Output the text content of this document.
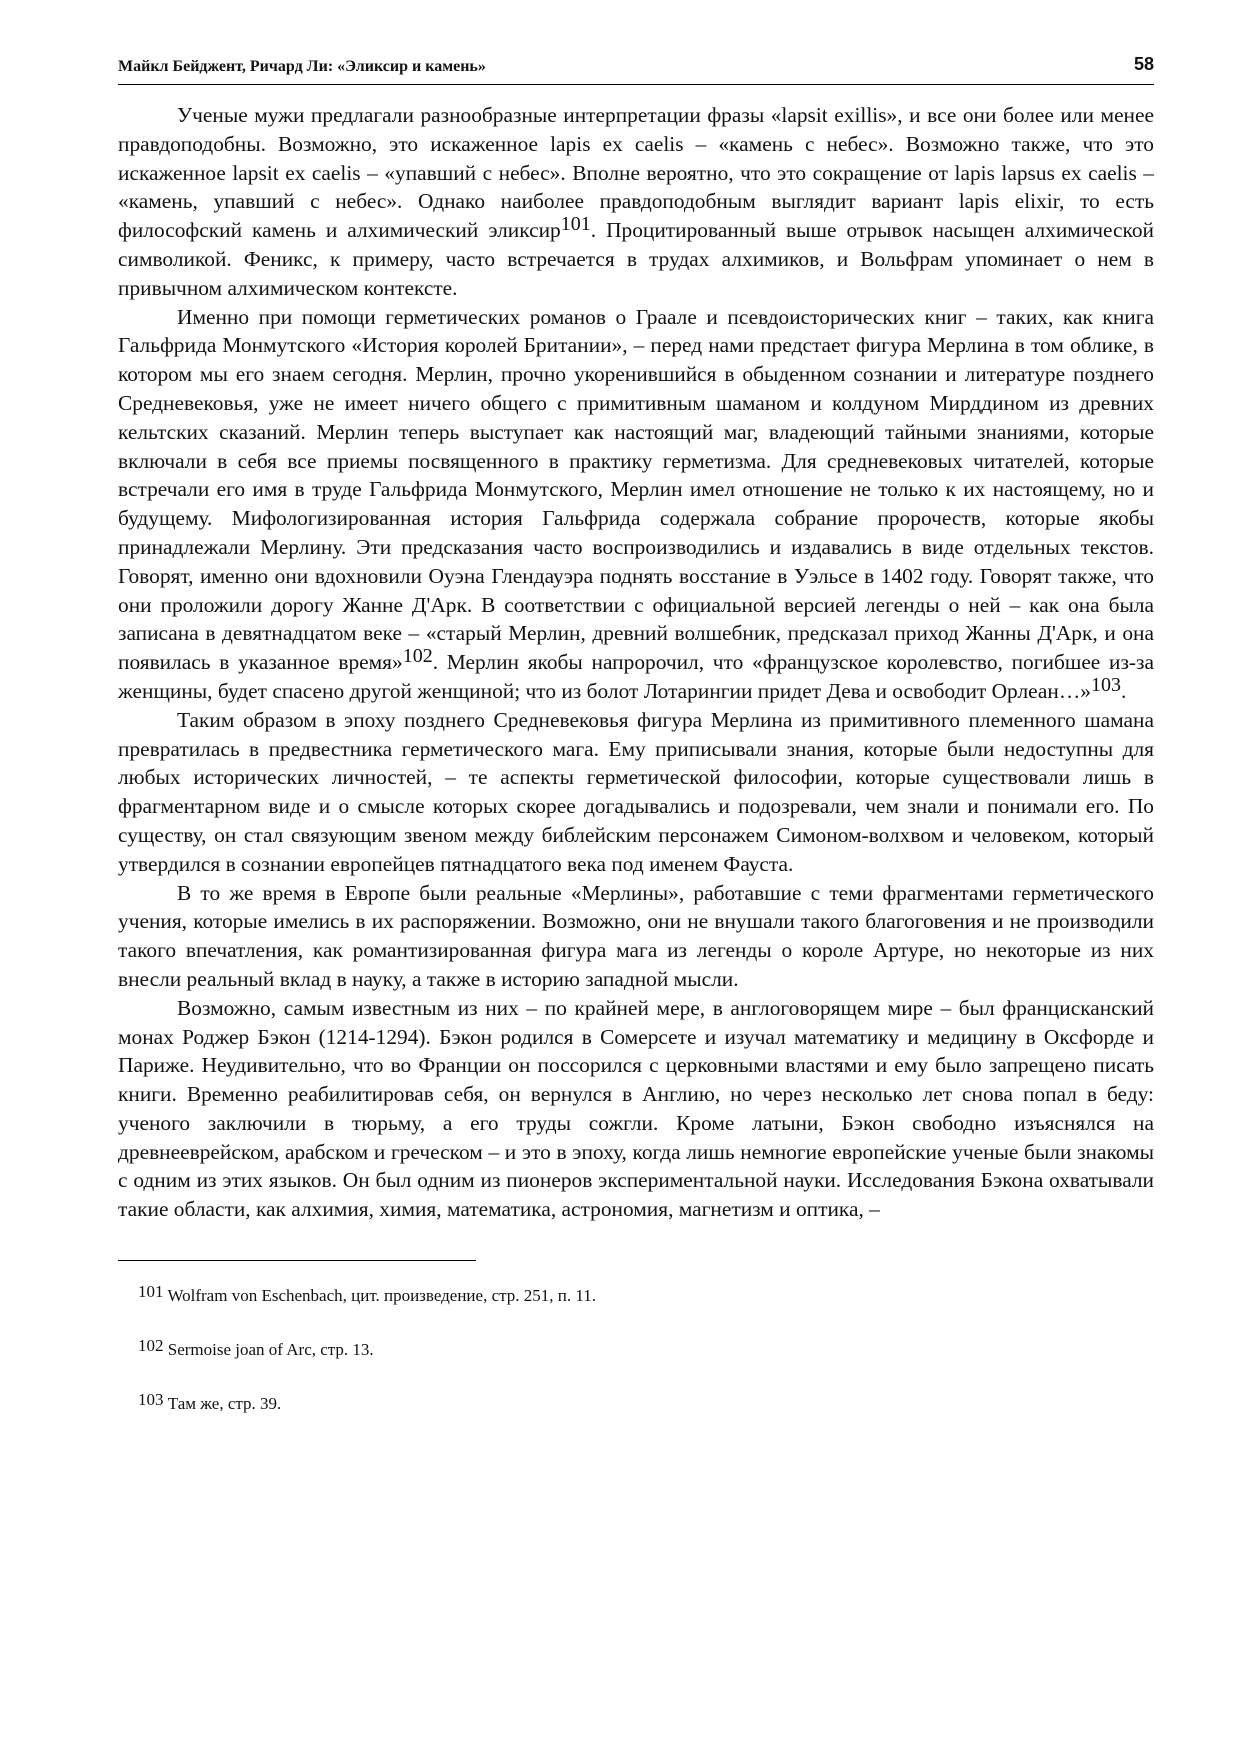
Майкл Бейджент, Ричард Ли: «Эликсир и камень»	58

Ученые мужи предлагали разнообразные интерпретации фразы «lapsit exillis», и все они более или менее правдоподобны. Возможно, это искаженное lapis ex caelis – «камень с небес». Возможно также, что это искаженное lapsit ex caelis – «упавший с небес». Вполне вероятно, что это сокращение от lapis lapsus ex caelis – «камень, упавший с небес». Однако наиболее правдоподобным выглядит вариант lapis elixir, то есть философский камень и алхимический эликсир$^{101}$. Процитированный выше отрывок насыщен алхимической символикой. Феникс, к примеру, часто встречается в трудах алхимиков, и Вольфрам упоминает о нем в привычном алхимическом контексте.

Именно при помощи герметических романов о Граале и псевдоисторических книг – таких, как книга Гальфрида Монмутского «История королей Британии», – перед нами предстает фигура Мерлина в том облике, в котором мы его знаем сегодня. Мерлин, прочно укоренившийся в обыденном сознании и литературе позднего Средневековья, уже не имеет ничего общего с примитивным шаманом и колдуном Мирддином из древних кельтских сказаний. Мерлин теперь выступает как настоящий маг, владеющий тайными знаниями, которые включали в себя все приемы посвященного в практику герметизма. Для средневековых читателей, которые встречали его имя в труде Гальфрида Монмутского, Мерлин имел отношение не только к их настоящему, но и будущему. Мифологизированная история Гальфрида содержала собрание пророчеств, которые якобы принадлежали Мерлину. Эти предсказания часто воспроизводились и издавались в виде отдельных текстов. Говорят, именно они вдохновили Оуэна Глендауэра поднять восстание в Уэльсе в 1402 году. Говорят также, что они проложили дорогу Жанне Д'Арк. В соответствии с официальной версией легенды о ней – как она была записана в девятнадцатом веке – «старый Мерлин, древний волшебник, предсказал приход Жанны Д'Арк, и она появилась в указанное время»$^{102}$. Мерлин якобы напророчил, что «французское королевство, погибшее из-за женщины, будет спасено другой женщиной; что из болот Лотарингии придет Дева и освободит Орлеан…»$^{103}$.

Таким образом в эпоху позднего Средневековья фигура Мерлина из примитивного племенного шамана превратилась в предвестника герметического мага. Ему приписывали знания, которые были недоступны для любых исторических личностей, – те аспекты герметической философии, которые существовали лишь в фрагментарном виде и о смысле которых скорее догадывались и подозревали, чем знали и понимали его. По существу, он стал связующим звеном между библейским персонажем Симоном-волхвом и человеком, который утвердился в сознании европейцев пятнадцатого века под именем Фауста.

В то же время в Европе были реальные «Мерлины», работавшие с теми фрагментами герметического учения, которые имелись в их распоряжении. Возможно, они не внушали такого благоговения и не производили такого впечатления, как романтизированная фигура мага из легенды о короле Артуре, но некоторые из них внесли реальный вклад в науку, а также в историю западной мысли.

Возможно, самым известным из них – по крайней мере, в англоговорящем мире – был францисканский монах Роджер Бэкон (1214-1294). Бэкон родился в Сомерсете и изучал математику и медицину в Оксфорде и Париже. Неудивительно, что во Франции он поссорился с церковными властями и ему было запрещено писать книги. Временно реабилитировав себя, он вернулся в Англию, но через несколько лет снова попал в беду: ученого заключили в тюрьму, а его труды сожгли. Кроме латыни, Бэкон свободно изъяснялся на древнееврейском, арабском и греческом – и это в эпоху, когда лишь немногие европейские ученые были знакомы с одним из этих языков. Он был одним из пионеров экспериментальной науки. Исследования Бэкона охватывали такие области, как алхимия, химия, математика, астрономия, магнетизм и оптика, –

$^{101}$ Wolfram von Eschenbach, цит. произведение, стр. 251, п. 11.

$^{102}$ Sermoise joan of Arc, стр. 13.

$^{103}$ Там же, стр. 39.
